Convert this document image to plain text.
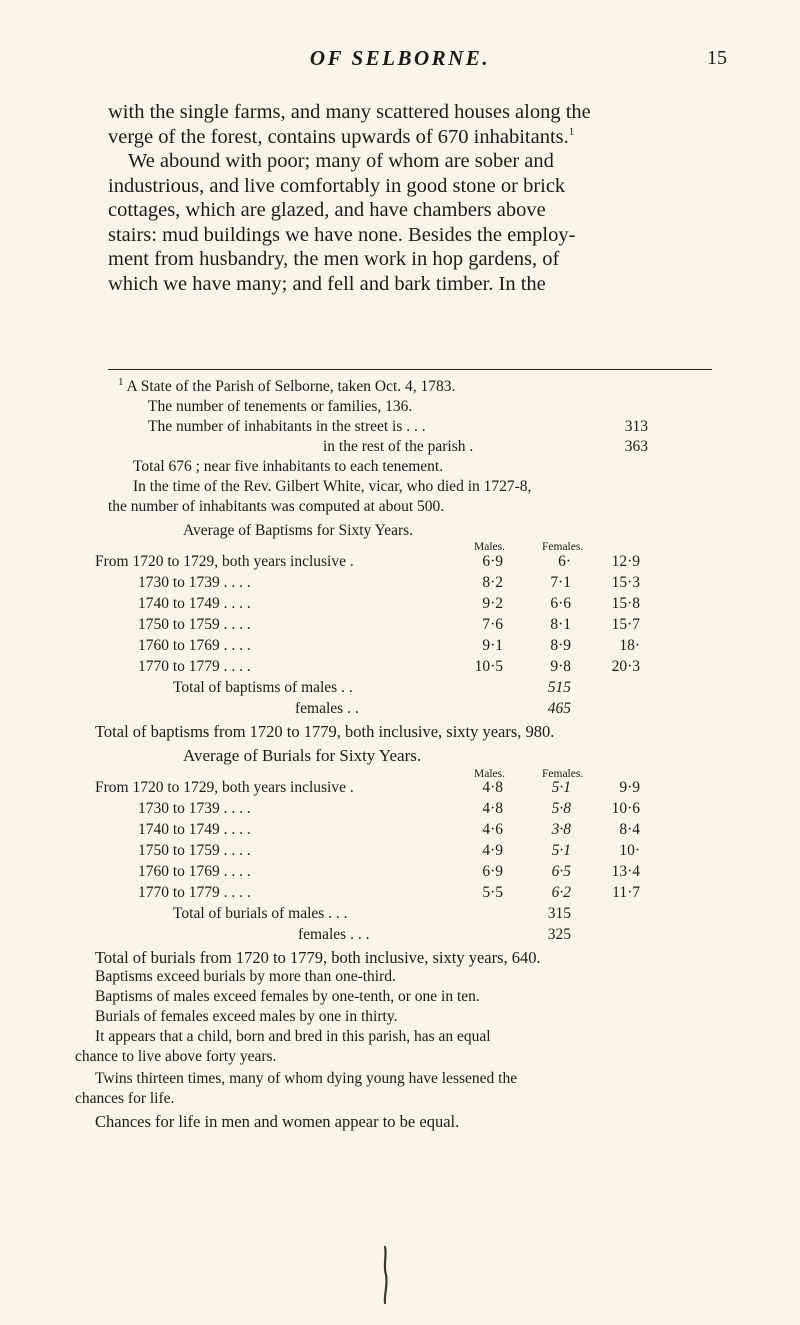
OF SELBORNE.	15
with the single farms, and many scattered houses along the
verge of the forest, contains upwards of 670 inhabitants.$^1$
We abound with poor; many of whom are sober and
industrious, and live comfortably in good stone or brick
cottages, which are glazed, and have chambers above
stairs: mud buildings we have none. Besides the employ-
ment from husbandry, the men work in hop gardens, of
which we have many; and fell and bark timber. In the
$^1$ A State of the Parish of Selborne, taken Oct. 4, 1783.
The number of tenements or families, 136.
The number of inhabitants in the street is . . .	313
in the rest of the parish .	363
Total 676 ; near five inhabitants to each tenement.
In the time of the Rev. Gilbert White, vicar, who died in 1727-8,
the number of inhabitants was computed at about 500.
Average of Baptisms for Sixty Years.
Males.	Females.
From 1720 to 1729, both years inclusive .	6·9	6·	12·9
1730 to 1739 . . . .	8·2	7·1	15·3
1740 to 1749 . . . .	9·2	6·6	15·8
1750 to 1759 . . . .	7·6	8·1	15·7
1760 to 1769 . . . .	9·1	8·9	18·
1770 to 1779 . . . .	10·5	9·8	20·3
Total of baptisms of males . .	515
females . .	465
Total of baptisms from 1720 to 1779, both inclusive, sixty years, 980.
Average of Burials for Sixty Years.
Males.	Females.
From 1720 to 1729, both years inclusive .	4·8	5·1	9·9
1730 to 1739 . . . .	4·8	5·8	10·6
1740 to 1749 . . . .	4·6	3·8	8·4
1750 to 1759 . . . .	4·9	5·1	10·
1760 to 1769 . . . .	6·9	6·5	13·4
1770 to 1779 . . . .	5·5	6·2	11·7
Total of burials of males . . .	315
females . . .	325
Total of burials from 1720 to 1779, both inclusive, sixty years, 640.
Baptisms exceed burials by more than one-third.
Baptisms of males exceed females by one-tenth, or one in ten.
Burials of females exceed males by one in thirty.
It appears that a child, born and bred in this parish, has an equal
chance to live above forty years.
Twins thirteen times, many of whom dying young have lessened the
chances for life.
Chances for life in men and women appear to be equal.
